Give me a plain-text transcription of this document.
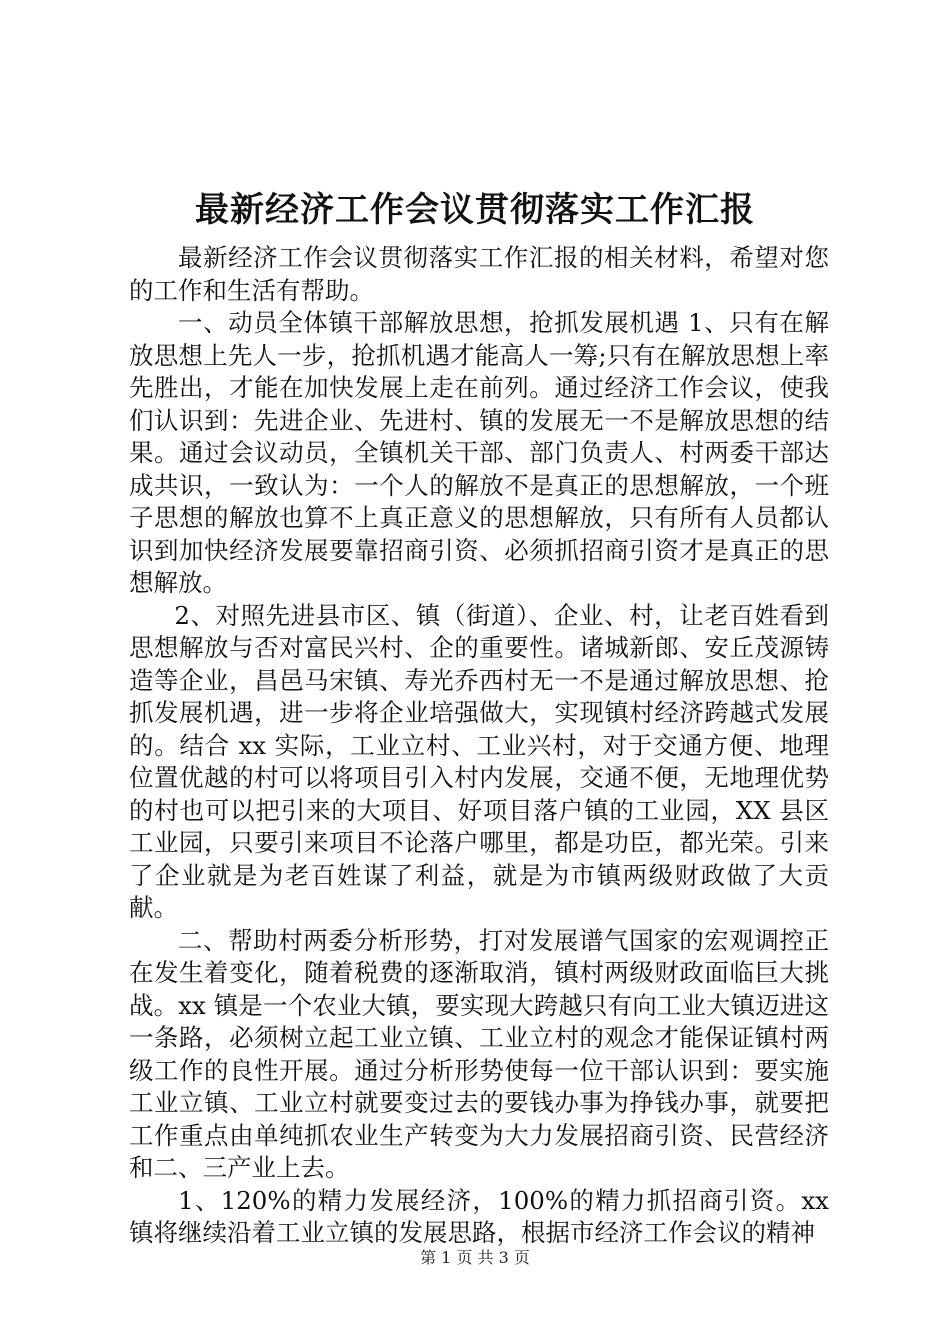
最新经济工作会议贯彻落实工作汇报

最新经济工作会议贯彻落实工作汇报的相关材料，希望对您的工作和生活有帮助。

一、动员全体镇干部解放思想，抢抓发展机遇 1、只有在解放思想上先人一步，抢抓机遇才能高人一筹;只有在解放思想上率先胜出，才能在加快发展上走在前列。通过经济工作会议，使我们认识到：先进企业、先进村、镇的发展无一不是解放思想的结果。通过会议动员，全镇机关干部、部门负责人、村两委干部达成共识，一致认为：一个人的解放不是真正的思想解放，一个班子思想的解放也算不上真正意义的思想解放，只有所有人员都认识到加快经济发展要靠招商引资、必须抓招商引资才是真正的思想解放。

2、对照先进县市区、镇（街道）、企业、村，让老百姓看到思想解放与否对富民兴村、企的重要性。诸城新郎、安丘茂源铸造等企业，昌邑马宋镇、寿光乔西村无一不是通过解放思想、抢抓发展机遇，进一步将企业培强做大，实现镇村经济跨越式发展的。结合 xx 实际，工业立村、工业兴村，对于交通方便、地理位置优越的村可以将项目引入村内发展，交通不便，无地理优势的村也可以把引来的大项目、好项目落户镇的工业园，XX 县区工业园，只要引来项目不论落户哪里，都是功臣，都光荣。引来了企业就是为老百姓谋了利益，就是为市镇两级财政做了大贡献。

二、帮助村两委分析形势，打对发展谱气国家的宏观调控正在发生着变化，随着税费的逐渐取消，镇村两级财政面临巨大挑战。xx 镇是一个农业大镇，要实现大跨越只有向工业大镇迈进这一条路，必须树立起工业立镇、工业立村的观念才能保证镇村两级工作的良性开展。通过分析形势使每一位干部认识到：要实施工业立镇、工业立村就要变过去的要钱办事为挣钱办事，就要把工作重点由单纯抓农业生产转变为大力发展招商引资、民营经济和二、三产业上去。

1、120%的精力发展经济，100%的精力抓招商引资。xx 镇将继续沿着工业立镇的发展思路，根据市经济工作会议的精神

第 1 页 共 3 页
